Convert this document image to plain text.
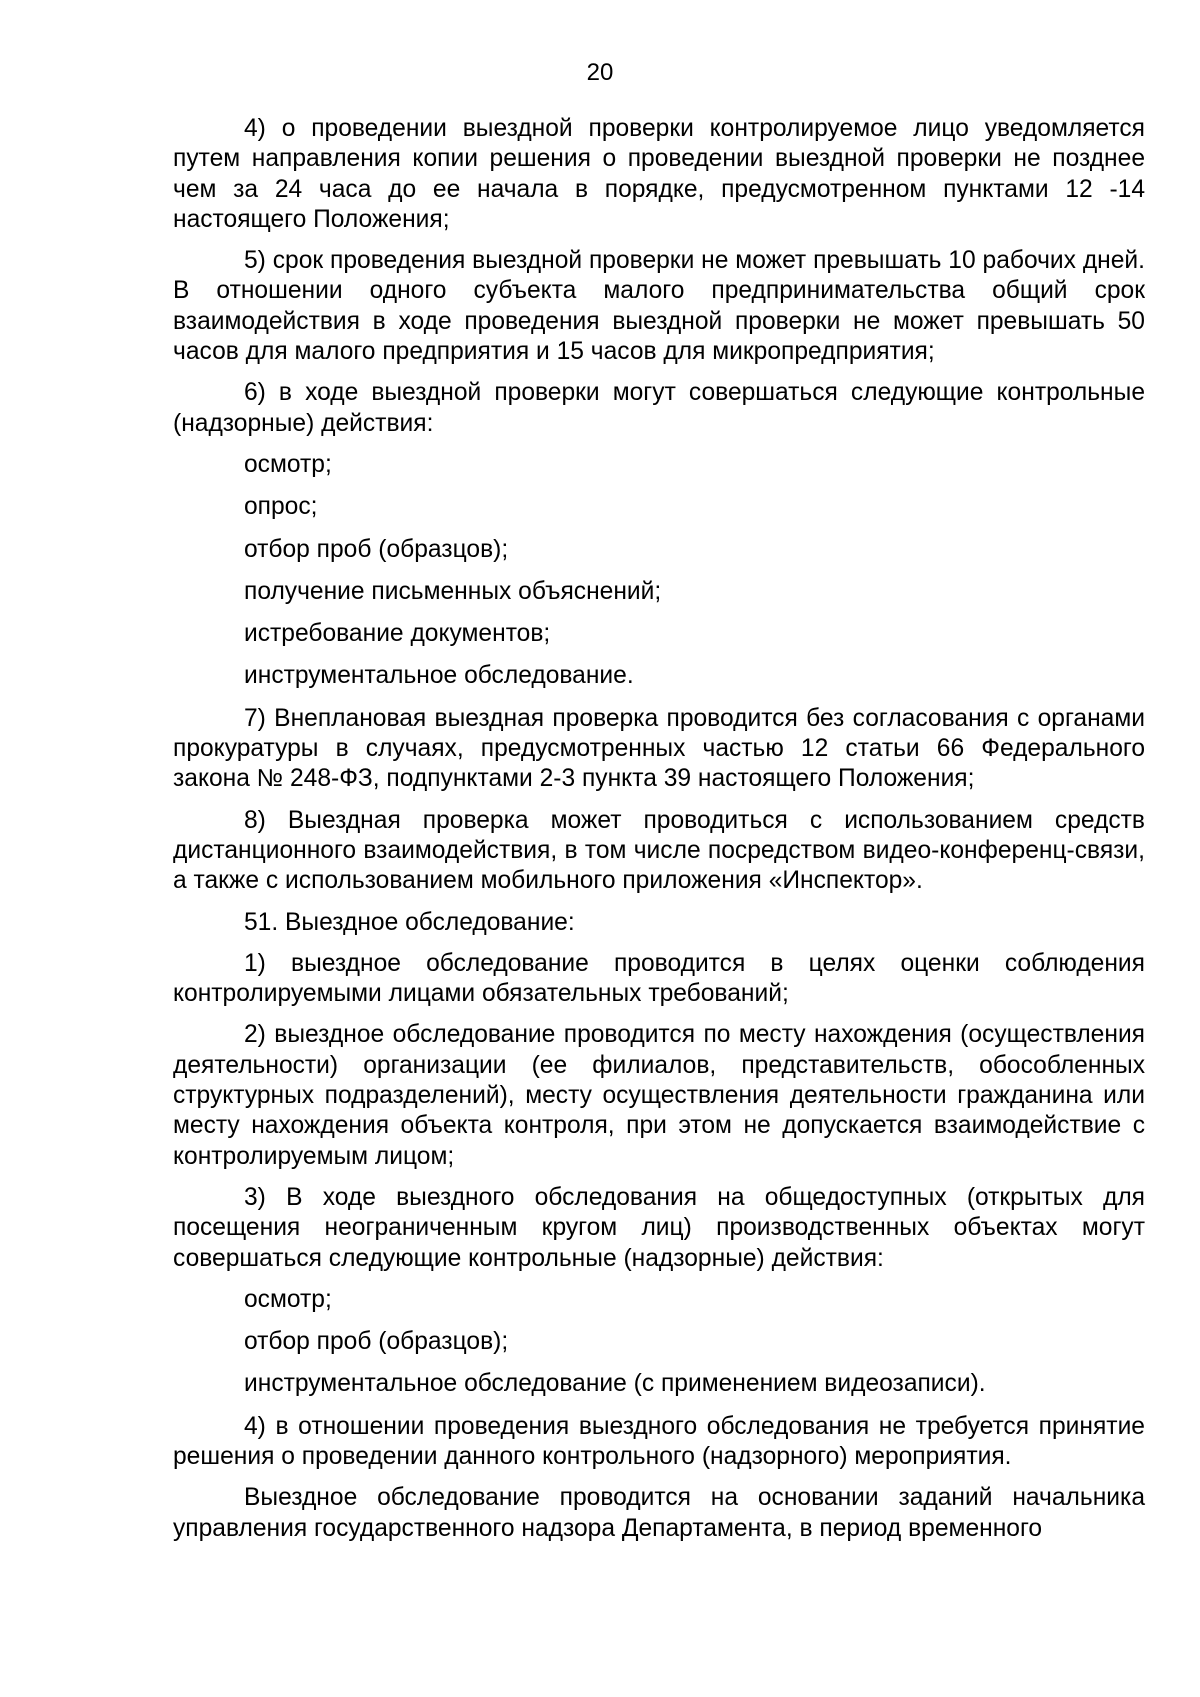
20

4) о проведении выездной проверки контролируемое лицо уведомляется путем направления копии решения о проведении выездной проверки не позднее чем за 24 часа до ее начала в порядке, предусмотренном пунктами 12 -14 настоящего Положения;

5) срок проведения выездной проверки не может превышать 10 рабочих дней. В отношении одного субъекта малого предпринимательства общий срок взаимодействия в ходе проведения выездной проверки не может превышать 50 часов для малого предприятия и 15 часов для микропредприятия;

6) в ходе выездной проверки могут совершаться следующие контрольные (надзорные) действия:

осмотр;

опрос;

отбор проб (образцов);

получение письменных объяснений;

истребование документов;

инструментальное обследование.

7) Внеплановая выездная проверка проводится без согласования с органами прокуратуры в случаях, предусмотренных частью 12 статьи 66 Федерального закона № 248-ФЗ, подпунктами 2-3 пункта 39 настоящего Положения;

8) Выездная проверка может проводиться с использованием средств дистанционного взаимодействия, в том числе посредством видео-конференц-связи, а также с использованием мобильного приложения «Инспектор».

51. Выездное обследование:

1) выездное обследование проводится в целях оценки соблюдения контролируемыми лицами обязательных требований;

2) выездное обследование проводится по месту нахождения (осуществления деятельности) организации (ее филиалов, представительств, обособленных структурных подразделений), месту осуществления деятельности гражданина или месту нахождения объекта контроля, при этом не допускается взаимодействие с контролируемым лицом;

3) В ходе выездного обследования на общедоступных (открытых для посещения неограниченным кругом лиц) производственных объектах могут совершаться следующие контрольные (надзорные) действия:

осмотр;

отбор проб (образцов);

инструментальное обследование (с применением видеозаписи).

4) в отношении проведения выездного обследования не требуется принятие решения о проведении данного контрольного (надзорного) мероприятия.

Выездное обследование проводится на основании заданий начальника управления государственного надзора Департамента, в период временного
